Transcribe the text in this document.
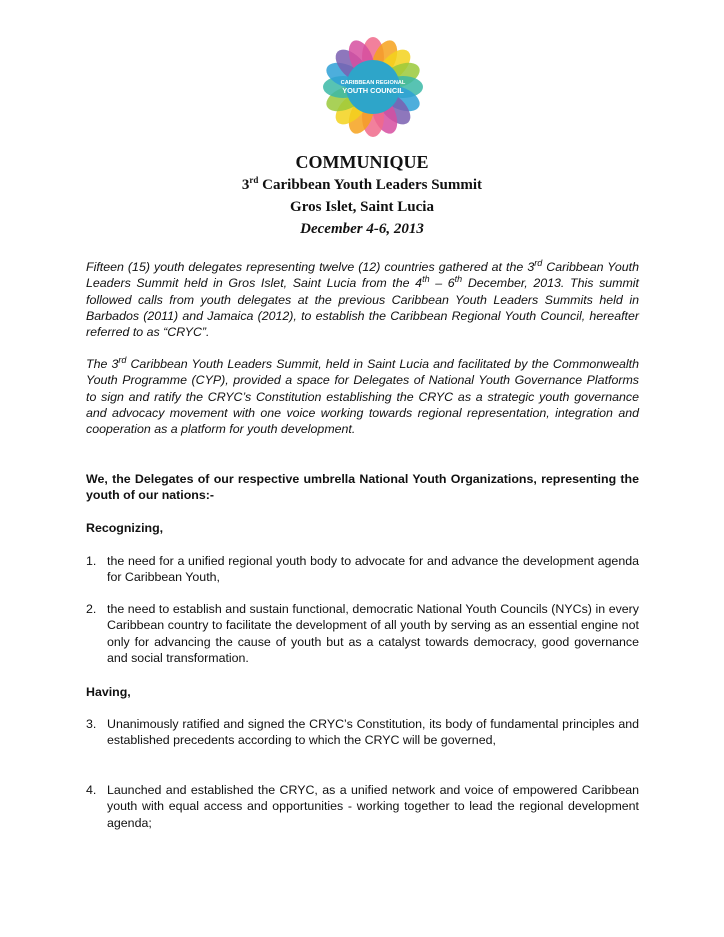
CARIBBEAN REGIONAL
YOUTH COUNCIL
COMMUNIQUE
3rd Caribbean Youth Leaders Summit
Gros Islet, Saint Lucia
December 4-6, 2013

Fifteen (15) youth delegates representing twelve (12) countries gathered at the 3rd Caribbean Youth Leaders Summit held in Gros Islet, Saint Lucia from the 4th – 6th December, 2013. This summit followed calls from youth delegates at the previous Caribbean Youth Leaders Summits held in Barbados (2011) and Jamaica (2012), to establish the Caribbean Regional Youth Council, hereafter referred to as “CRYC”.

The 3rd Caribbean Youth Leaders Summit, held in Saint Lucia and facilitated by the Commonwealth Youth Programme (CYP), provided a space for Delegates of National Youth Governance Platforms to sign and ratify the CRYC’s Constitution establishing the CRYC as a strategic youth governance and advocacy movement with one voice working towards regional representation, integration and cooperation as a platform for youth development.

We, the Delegates of our respective umbrella National Youth Organizations, representing the youth of our nations:-

Recognizing,

1. the need for a unified regional youth body to advocate for and advance the development agenda for Caribbean Youth,
2. the need to establish and sustain functional, democratic National Youth Councils (NYCs) in every Caribbean country to facilitate the development of all youth by serving as an essential engine not only for advancing the cause of youth but as a catalyst towards democracy, good governance and social transformation.

Having,

3. Unanimously ratified and signed the CRYC’s Constitution, its body of fundamental principles and established precedents according to which the CRYC will be governed,
4. Launched and established the CRYC, as a unified network and voice of empowered Caribbean youth with equal access and opportunities - working together to lead the regional development agenda;
